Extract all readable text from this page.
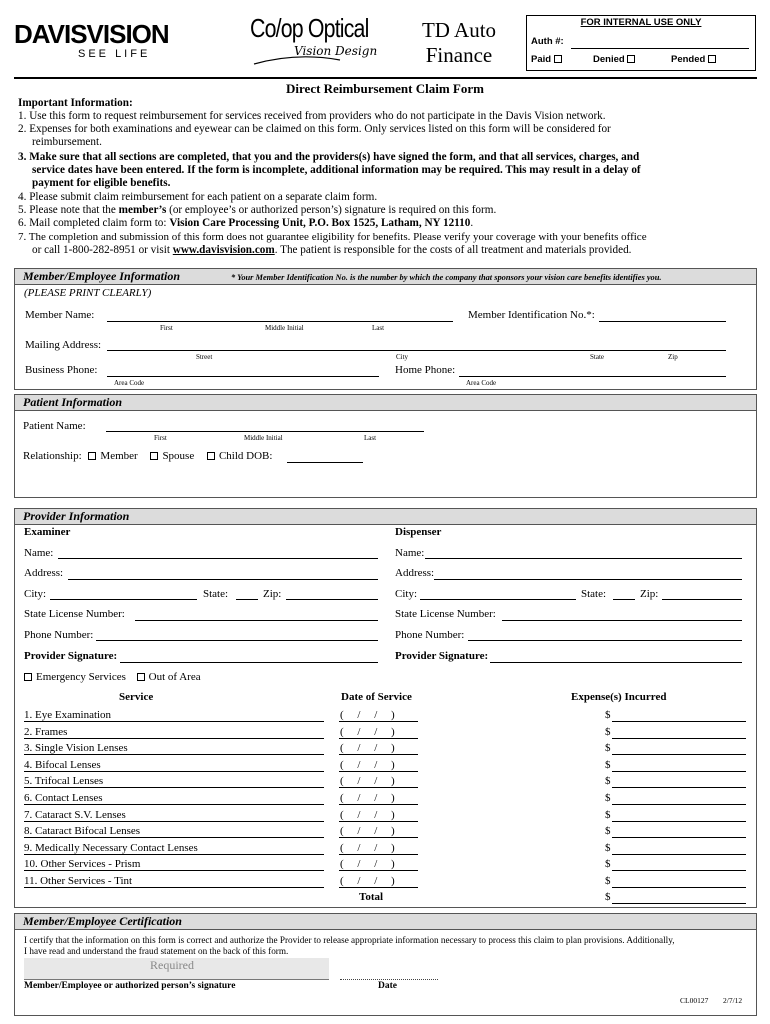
DAVISVISION
SEE LIFE
Co/op Optical
Vision Design
TD Auto Finance
FOR INTERNAL USE ONLY
Auth #:
Paid	Denied	Pended
Direct Reimbursement Claim Form
Important Information:
1. Use this form to request reimbursement for services received from providers who do not participate in the Davis Vision network.
2. Expenses for both examinations and eyewear can be claimed on this form. Only services listed on this form will be considered for
reimbursement.
3. Make sure that all sections are completed, that you and the providers(s) have signed the form, and that all services, charges, and
service dates have been entered. If the form is incomplete, additional information may be required. This may result in a delay of
payment for eligible benefits.
4. Please submit claim reimbursement for each patient on a separate claim form.
5. Please note that the member’s (or employee’s or authorized person’s) signature is required on this form.
6. Mail completed claim form to: Vision Care Processing Unit, P.O. Box 1525, Latham, NY 12110.
7. The completion and submission of this form does not guarantee eligibility for benefits. Please verify your coverage with your benefits office
or call 1-800-282-8951 or visit www.davisvision.com. The patient is responsible for the costs of all treatment and materials provided.
Member/Employee Information	* Your Member Identification No. is the number by which the company that sponsors your vision care benefits identifies you.
(PLEASE PRINT CLEARLY)
Member Name:
First	Middle Initial	Last
Member Identification No.*:
Mailing Address:
Street	City	State	Zip
Business Phone:
Area Code
Home Phone:
Area Code
Patient Information
Patient Name:
First	Middle Initial	Last
Relationship: Member Spouse Child DOB:
Provider Information
Examiner	Dispenser
Name:	Name:
Address:	Address:
City:	State:	Zip:	City:	State:	Zip:
State License Number:	State License Number:
Phone Number:	Phone Number:
Provider Signature:	Provider Signature:
Emergency Services Out of Area
Service	Date of Service	Expense(s) Incurred
1. Eye Examination	(     /     /     )	$
2. Frames	(     /     /     )	$
3. Single Vision Lenses	(     /     /     )	$
4. Bifocal Lenses	(     /     /     )	$
5. Trifocal Lenses	(     /     /     )	$
6. Contact Lenses	(     /     /     )	$
7. Cataract S.V. Lenses	(     /     /     )	$
8. Cataract Bifocal Lenses	(     /     /     )	$
9. Medically Necessary Contact Lenses	(     /     /     )	$
10. Other Services - Prism	(     /     /     )	$
11. Other Services - Tint	(     /     /     )	$
Total	$
Member/Employee Certification
I certify that the information on this form is correct and authorize the Provider to release appropriate information necessary to process this claim to plan provisions. Additionally,
I have read and understand the fraud statement on the back of this form.
Required
Member/Employee or authorized person’s signature	Date
CL00127 2/7/12
